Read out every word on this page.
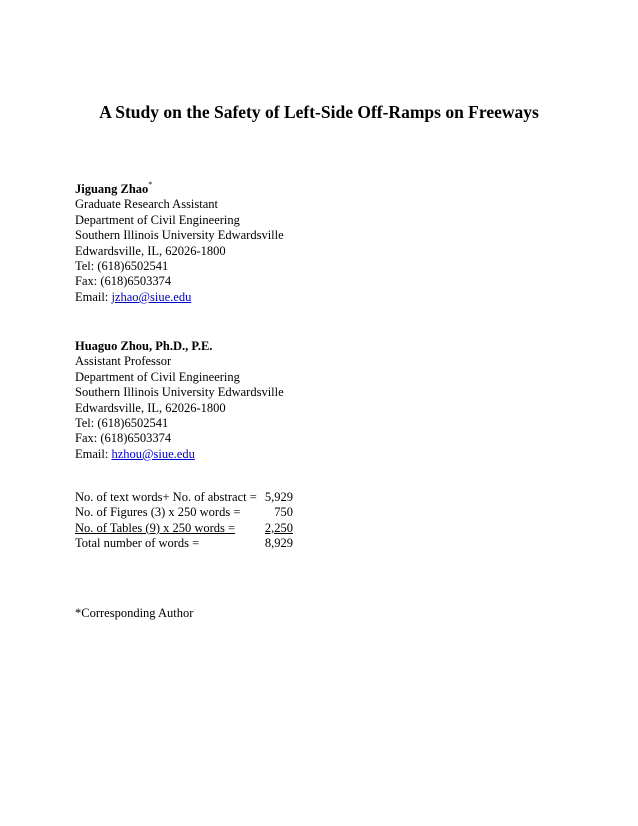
A Study on the Safety of Left-Side Off-Ramps on Freeways
Jiguang Zhao*
Graduate Research Assistant
Department of Civil Engineering
Southern Illinois University Edwardsville
Edwardsville, IL, 62026-1800
Tel: (618)6502541
Fax: (618)6503374
Email: jzhao@siue.edu
Huaguo Zhou, Ph.D., P.E.
Assistant Professor
Department of Civil Engineering
Southern Illinois University Edwardsville
Edwardsville, IL, 62026-1800
Tel: (618)6502541
Fax: (618)6503374
Email: hzhou@siue.edu
No. of text words+ No. of abstract = 5,929
No. of Figures (3) x 250 words =	750
No. of Tables (9) x 250 words =	2,250
Total number of words =	8,929
*Corresponding Author
